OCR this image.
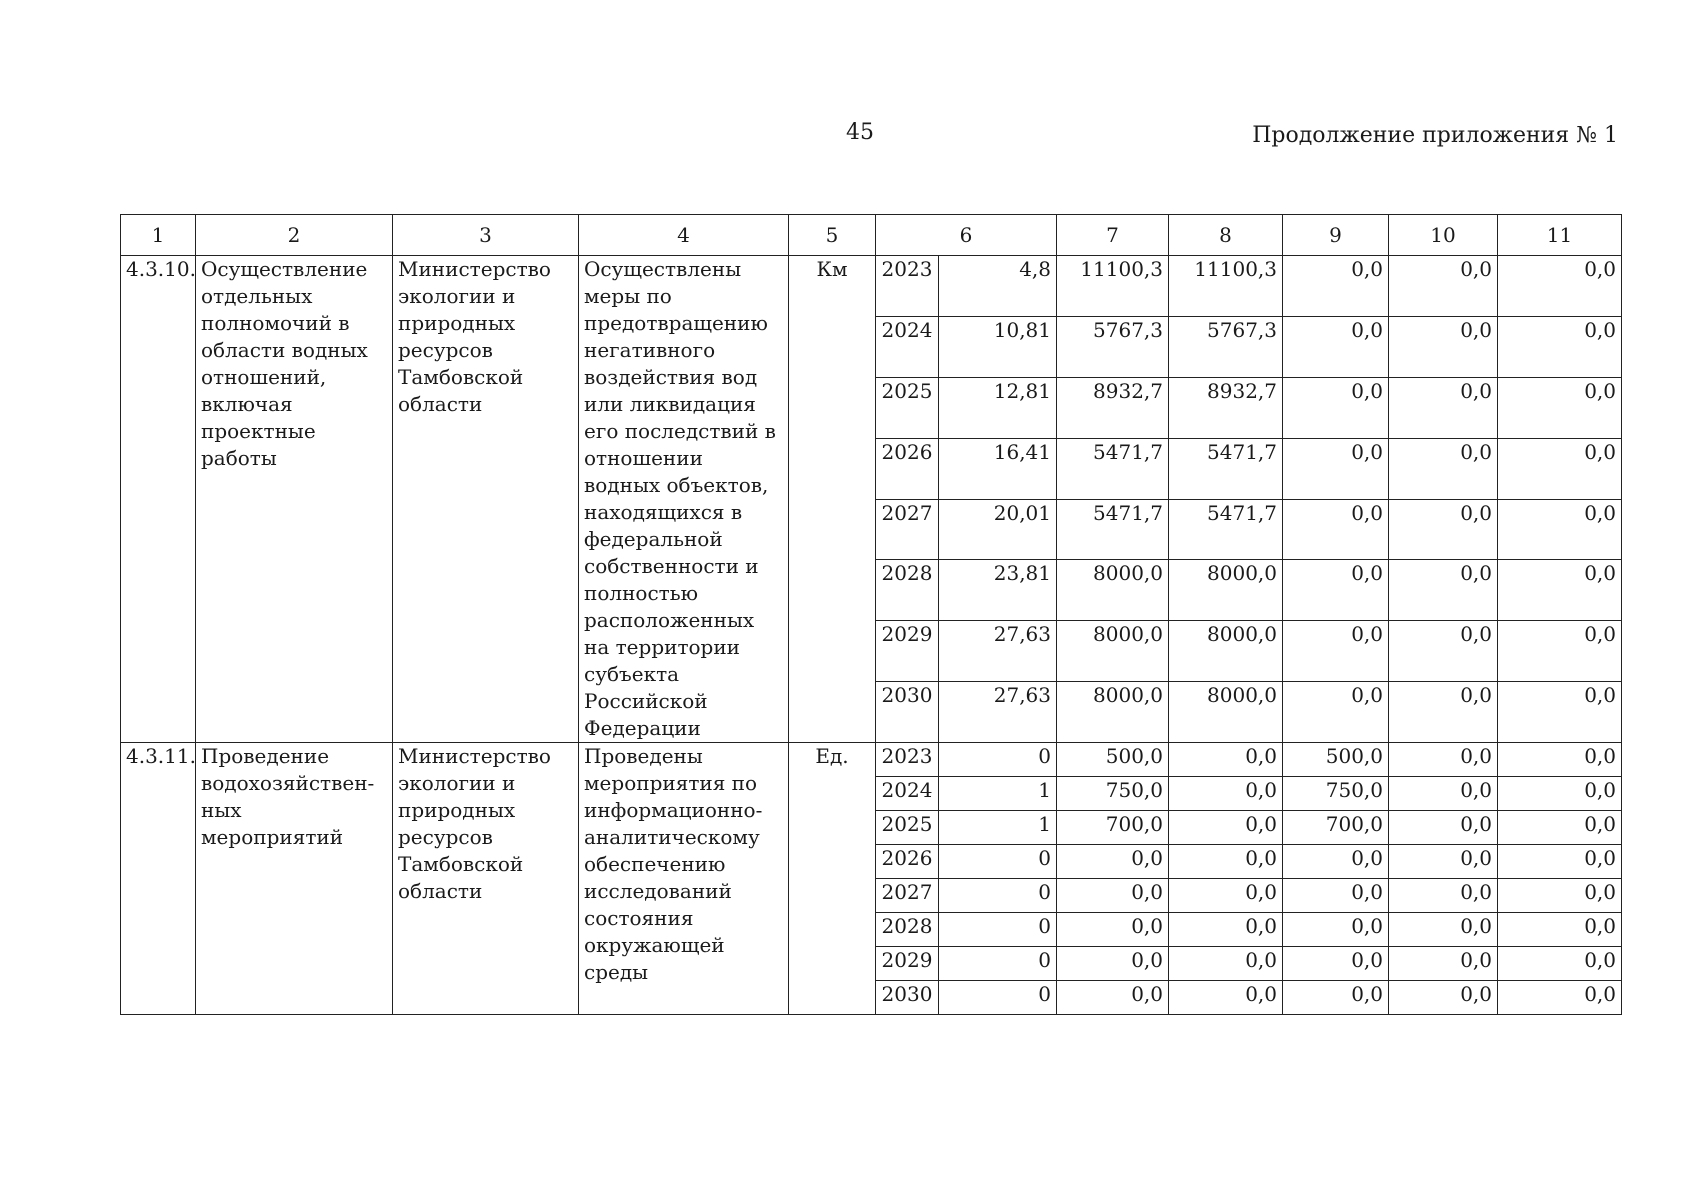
45	Продолжение приложения № 1
1	2	3	4	5	6		7	8	9	10	11
4.3.10.	Осуществление отдельных полномочий в области водных отношений, включая проектные работы	Министерство экологии и природных ресурсов Тамбовской области	Осуществлены меры по предотвращению негативного воздействия вод или ликвидация его последствий в отношении водных объектов, находящихся в федеральной собственности и полностью расположенных на территории субъекта Российской Федерации	Км	2023	4,8	11100,3	11100,3	0,0	0,0	0,0
					2024	10,81	5767,3	5767,3	0,0	0,0	0,0
					2025	12,81	8932,7	8932,7	0,0	0,0	0,0
					2026	16,41	5471,7	5471,7	0,0	0,0	0,0
					2027	20,01	5471,7	5471,7	0,0	0,0	0,0
					2028	23,81	8000,0	8000,0	0,0	0,0	0,0
					2029	27,63	8000,0	8000,0	0,0	0,0	0,0
					2030	27,63	8000,0	8000,0	0,0	0,0	0,0
4.3.11.	Проведение водохозяйствен-ных мероприятий	Министерство экологии и природных ресурсов Тамбовской области	Проведены мероприятия по информационно-аналитическому обеспечению исследований состояния окружающей среды	Ед.	2023	0	500,0	0,0	500,0	0,0	0,0
					2024	1	750,0	0,0	750,0	0,0	0,0
					2025	1	700,0	0,0	700,0	0,0	0,0
					2026	0	0,0	0,0	0,0	0,0	0,0
					2027	0	0,0	0,0	0,0	0,0	0,0
					2028	0	0,0	0,0	0,0	0,0	0,0
					2029	0	0,0	0,0	0,0	0,0	0,0
					2030	0	0,0	0,0	0,0	0,0	0,0
